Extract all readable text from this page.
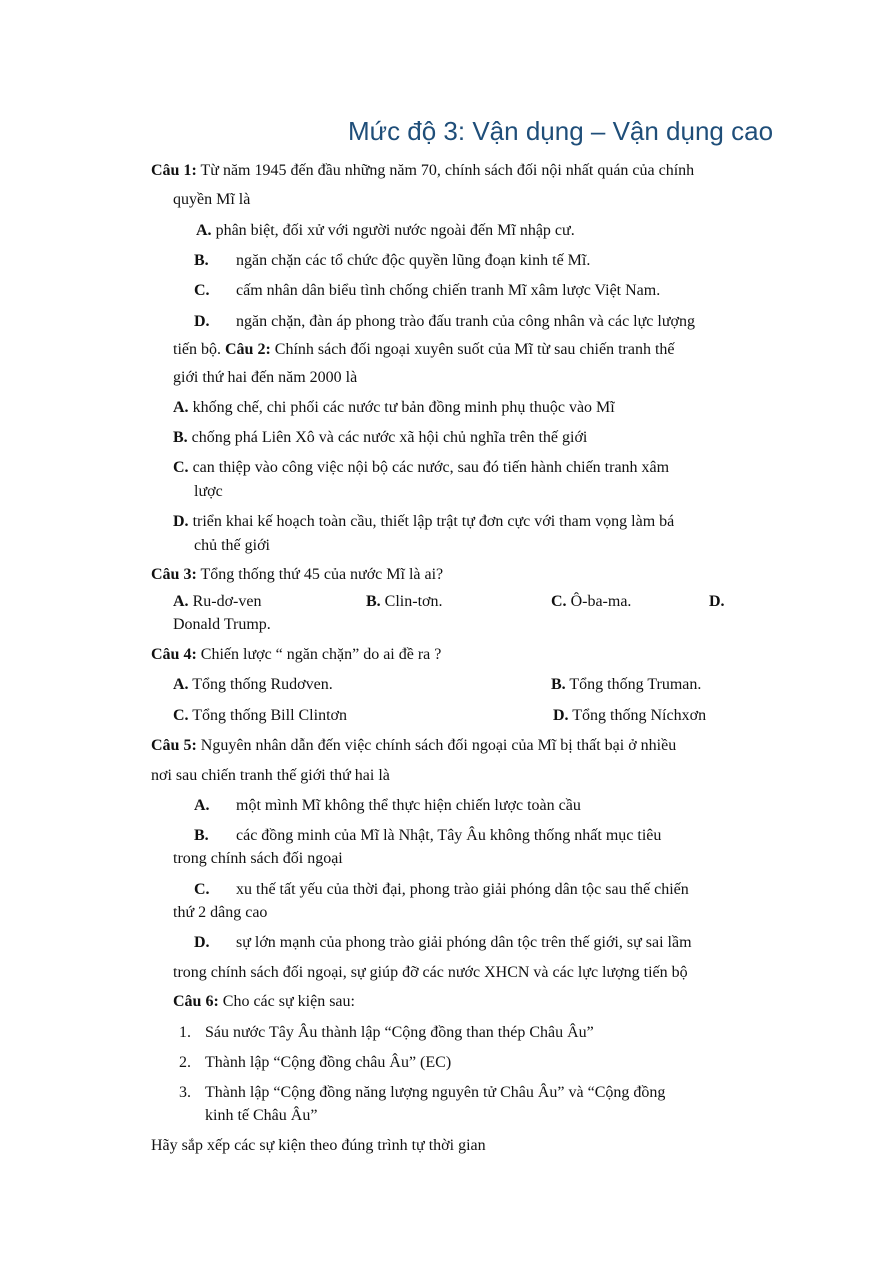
Mức độ 3: Vận dụng – Vận dụng cao
Câu 1: Từ năm 1945 đến đầu những năm 70, chính sách đối nội nhất quán của chính
quyền Mĩ là
A. phân biệt, đối xử với người nước ngoài đến Mĩ nhập cư.
B. ngăn chặn các tổ chức độc quyền lũng đoạn kinh tế Mĩ.
C. cấm nhân dân biểu tình chống chiến tranh Mĩ xâm lược Việt Nam.
D. ngăn chặn, đàn áp phong trào đấu tranh của công nhân và các lực lượng
tiến bộ. Câu 2: Chính sách đối ngoại xuyên suốt của Mĩ từ sau chiến tranh thế
giới thứ hai đến năm 2000 là
A. khống chế, chi phối các nước tư bản đồng minh phụ thuộc vào Mĩ
B. chống phá Liên Xô và các nước xã hội chủ nghĩa trên thế giới
C. can thiệp vào công việc nội bộ các nước, sau đó tiến hành chiến tranh xâm
lược
D. triển khai kế hoạch toàn cầu, thiết lập trật tự đơn cực với tham vọng làm bá
chủ thế giới
Câu 3: Tổng thống thứ 45 của nước Mĩ là ai?
A. Ru-dơ-ven	B. Clin-tơn.	C. Ô-ba-ma.	D.
Donald Trump.
Câu 4: Chiến lược “ ngăn chặn” do ai đề ra ?
A. Tổng thống Rudơven.	B. Tổng thống Truman.
C. Tổng thống Bill Clintơn	D. Tổng thống Níchxơn
Câu 5: Nguyên nhân dẫn đến việc chính sách đối ngoại của Mĩ bị thất bại ở nhiều
nơi sau chiến tranh thế giới thứ hai là
A. một mình Mĩ không thể thực hiện chiến lược toàn cầu
B. các đồng minh của Mĩ là Nhật, Tây Âu không thống nhất mục tiêu
trong chính sách đối ngoại
C. xu thế tất yếu của thời đại, phong trào giải phóng dân tộc sau thế chiến
thứ 2 dâng cao
D. sự lớn mạnh của phong trào giải phóng dân tộc trên thế giới, sự sai lầm
trong chính sách đối ngoại, sự giúp đỡ các nước XHCN và các lực lượng tiến bộ
Câu 6: Cho các sự kiện sau:
1. Sáu nước Tây Âu thành lập “Cộng đồng than thép Châu Âu”
2. Thành lập “Cộng đồng châu Âu” (EC)
3. Thành lập “Cộng đồng năng lượng nguyên tử Châu Âu” và “Cộng đồng
kinh tế Châu Âu”
Hãy sắp xếp các sự kiện theo đúng trình tự thời gian
